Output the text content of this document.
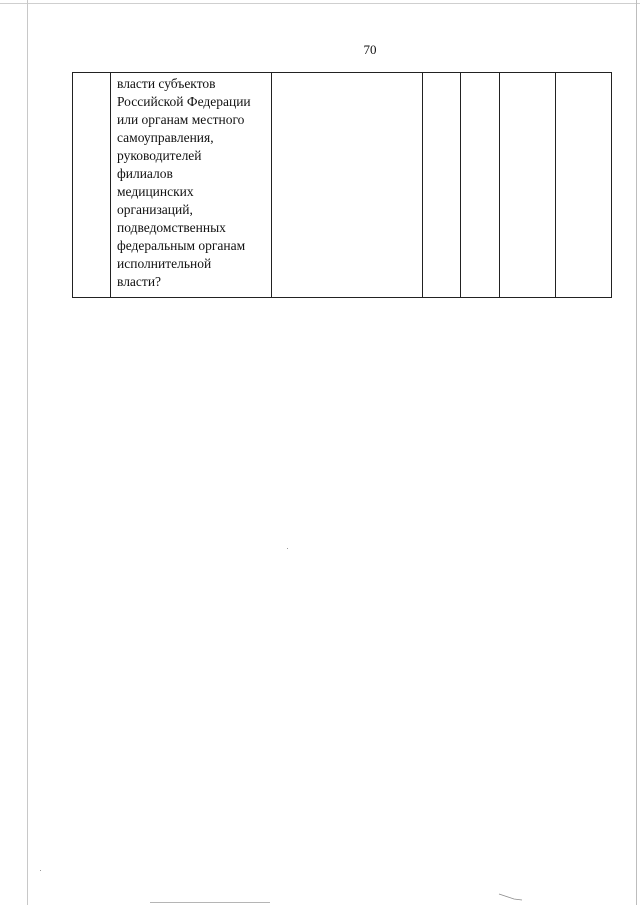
70

власти субъектов
Российской Федерации
или органам местного
самоуправления,
руководителей
филиалов
медицинских
организаций,
подведомственных
федеральным органам
исполнительной
власти?
